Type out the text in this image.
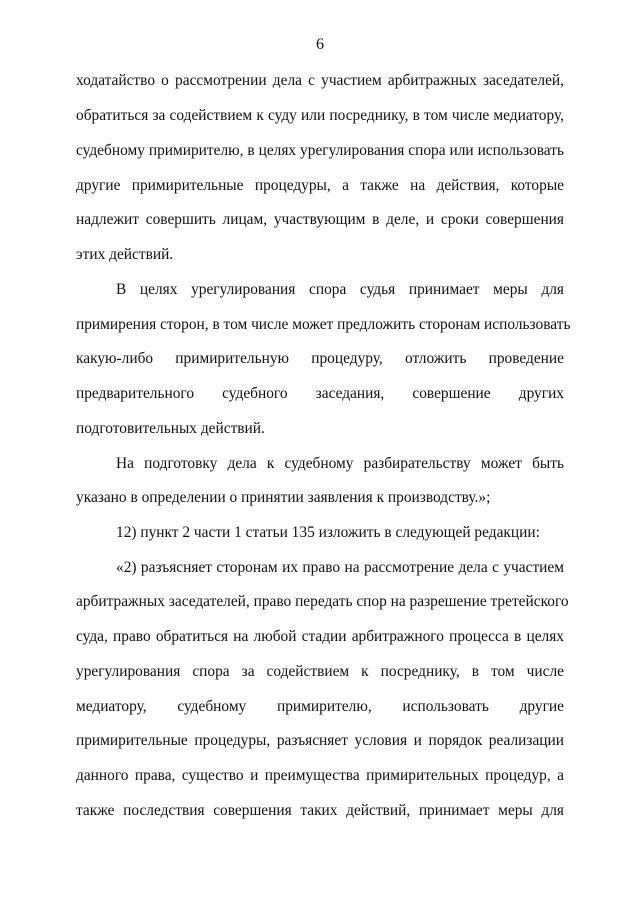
6
ходатайство о рассмотрении дела с участием арбитражных заседателей,
обратиться за содействием к суду или посреднику, в том числе медиатору,
судебному примирителю, в целях урегулирования спора или использовать
другие примирительные процедуры, а также на действия, которые
надлежит совершить лицам, участвующим в деле, и сроки совершения
этих действий.
В целях урегулирования спора судья принимает меры для
примирения сторон, в том числе может предложить сторонам использовать
какую-либо примирительную процедуру, отложить проведение
предварительного судебного заседания, совершение других
подготовительных действий.
На подготовку дела к судебному разбирательству может быть
указано в определении о принятии заявления к производству.»;
12) пункт 2 части 1 статьи 135 изложить в следующей редакции:
«2) разъясняет сторонам их право на рассмотрение дела с участием
арбитражных заседателей, право передать спор на разрешение третейского
суда, право обратиться на любой стадии арбитражного процесса в целях
урегулирования спора за содействием к посреднику, в том числе
медиатору, судебному примирителю, использовать другие
примирительные процедуры, разъясняет условия и порядок реализации
данного права, существо и преимущества примирительных процедур, а
также последствия совершения таких действий, принимает меры для
